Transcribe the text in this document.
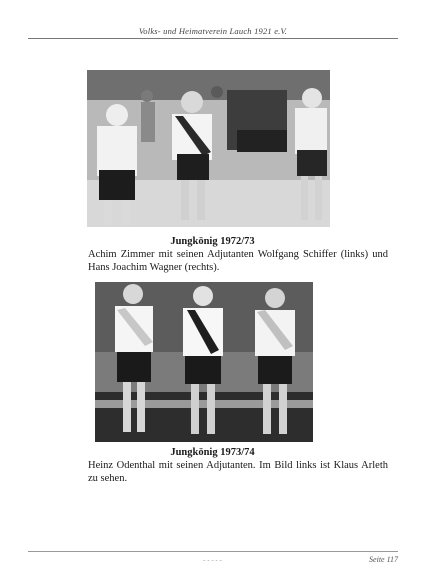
Volks- und Heimatverein Lauch 1921 e.V.
Jungkönig 1972/73
Achim Zimmer mit seinen Adjutanten Wolfgang Schiffer (links) und Hans Joachim Wagner (rechts).
Jungkönig 1973/74
Heinz Odenthal mit seinen Adjutanten. Im Bild links ist Klaus Arleth zu sehen.
- - - - -	Seite 117
